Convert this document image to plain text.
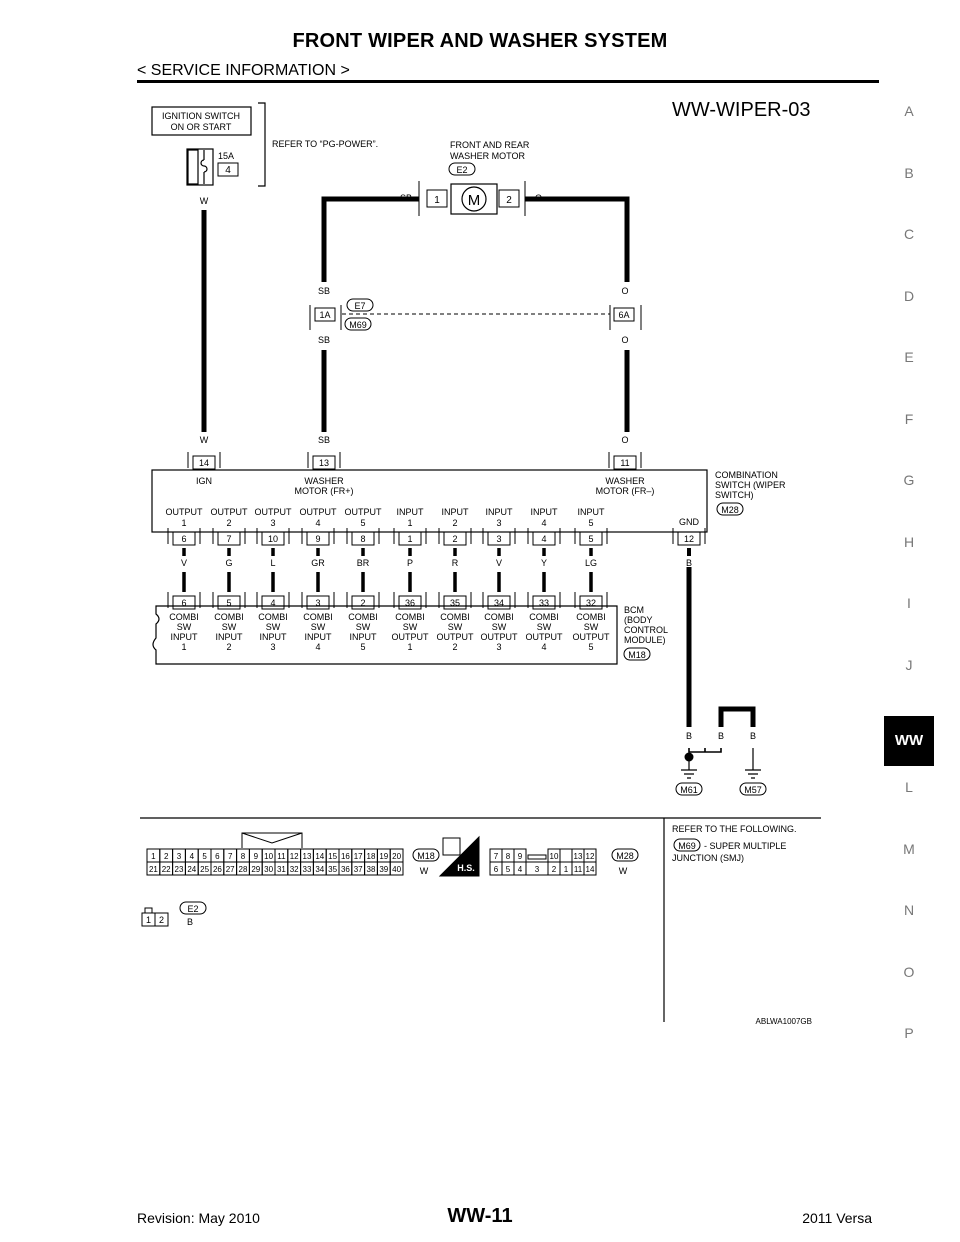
FRONT WIPER AND WASHER SYSTEM
< SERVICE INFORMATION >
A
B
C
D
E
F
G
H
I
J
WW
L
M
N
O
P
WW-WIPER-03
IGNITION SWITCH
ON OR START
REFER TO “PG-POWER”.
15A
4
W
FRONT AND REAR
WASHER MOTOR
E2
1	2
M
SB	O
M61	M57
B	B	B
SB	O
1A	6A
E7
M69
SB	O
W	SB	O
14	13	11
IGN	WASHER
MOTOR (FR+)
WASHER
MOTOR (FR–)
COMBINATION
SWITCH (WIPER
SWITCH)
M28
GND
OUTPUT
1
6
V
OUTPUT
2
7
G
OUTPUT
3
10
L
OUTPUT
4
9
GR
OUTPUT
5
8
BR
INPUT
1
1
P
INPUT
2
2
R
INPUT
3
3
V
INPUT
4
4
Y
INPUT
5
5
LG
12
B
6
COMBI
SW
INPUT
1
5
COMBI
SW
INPUT
2
4
COMBI
SW
INPUT
3
3
COMBI
SW
INPUT
4
2
COMBI
SW
INPUT
5
36
COMBI
SW
OUTPUT
1
35
COMBI
SW
OUTPUT
2
34
COMBI
SW
OUTPUT
3
33
COMBI
SW
OUTPUT
4
32
COMBI
SW
OUTPUT
5
BCM
(BODY
CONTROL
MODULE)
M18
1 2 3 4 5 6 7 8 9 10 11 12 13 14 15 16 17 18 19 20
21 22 23 24 25 26 27 28 29 30 31 32 33 34 35 36 37 38 39 40
M18
W	H.S.
7 8 9	10 13 12
6 5 4 3 2 1 11 14
M28
W
1 2
E2
B
REFER TO THE FOLLOWING.
M69 - SUPER MULTIPLE
JUNCTION (SMJ)
ABLWA1007GB
Revision: May 2010	WW-11	2011 Versa
